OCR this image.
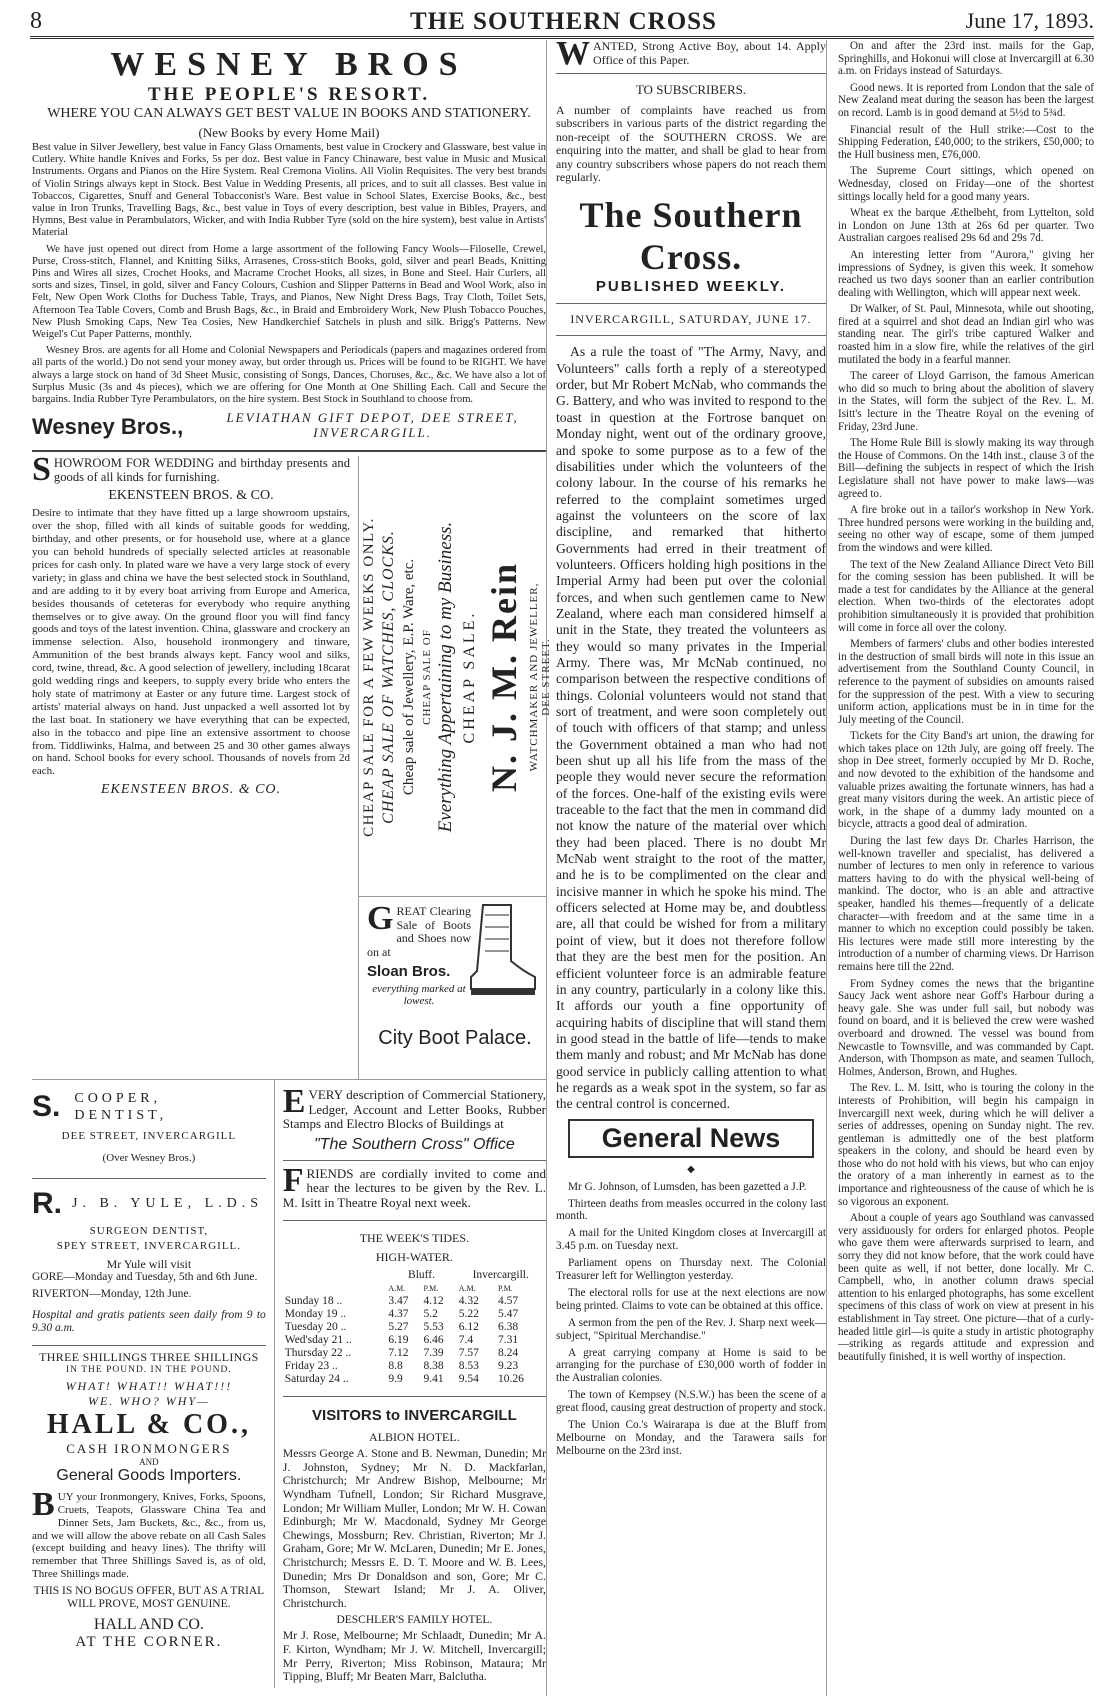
8	THE SOUTHERN CROSS	June 17, 1893.
WESNEY BROS
THE PEOPLE'S RESORT.
WHERE YOU CAN ALWAYS GET BEST VALUE IN BOOKS AND STATIONERY.
(New Books by every Home Mail)

Best value in Silver Jewellery, best value in Fancy Glass Ornaments, best value in Crockery and Glassware, best value in Cutlery. White handle Knives and Forks, 5s per doz. Best value in Fancy Chinaware, best value in Music and Musical Instruments. Organs and Pianos on the Hire System. Real Cremona Violins. All Violin Requisites. The very best brands of Violin Strings always kept in Stock. Best Value in Wedding Presents, all prices, and to suit all classes. Best value in Tobaccos, Cigarettes, Snuff and General Tobacconist's Ware. Best value in School Slates, Exercise Books, &c., best value in Iron Trunks, Travelling Bags, &c., best value in Toys of every description, best value in Bibles, Prayers, and Hymns, Best value in Perambulators, Wicker, and with India Rubber Tyre (sold on the hire system), best value in Artists' Material

We have just opened out direct from Home a large assortment of the following Fancy Wools—Filoselle, Crewel, Purse, Cross-stitch, Flannel, and Knitting Silks, Arrasenes, Cross-stitch Books, gold, silver and pearl Beads, Knitting Pins and Wires all sizes, Crochet Hooks, and Macrame Crochet Hooks, all sizes, in Bone and Steel. Hair Curlers, all sorts and sizes, Tinsel, in gold, silver and Fancy Colours, Cushion and Slipper Patterns in Bead and Wool Work, also in Felt, New Open Work Cloths for Duchess Table, Trays, and Pianos, New Night Dress Bags, Tray Cloth, Toilet Sets, Afternoon Tea Table Covers, Comb and Brush Bags, &c., in Braid and Embroidery Work, New Plush Tobacco Pouches, New Plush Smoking Caps, New Tea Cosies, New Handkerchief Satchels in plush and silk. Brigg's Patterns. New Weigel's Cut Paper Patterns, monthly.

Wesney Bros. are agents for all Home and Colonial Newspapers and Periodicals (papers and magazines ordered from all parts of the world.) Do not send your money away, but order through us. Prices will be found to be RIGHT. We have always a large stock on hand of 3d Sheet Music, consisting of Songs, Dances, Choruses, &c., &c. We have also a lot of Surplus Music (3s and 4s pieces), which we are offering for One Month at One Shilling Each. Call and Secure the bargains. India Rubber Tyre Perambulators, on the hire system. Best Stock in Southland to choose from.

Wesney Bros.,	LEVIATHAN GIFT DEPOT, DEE STREET,
INVERCARGILL.

SHOWROOM FOR WEDDING and birthday presents and goods of all kinds for furnishing.

EKENSTEEN BROS. & CO.

Desire to intimate that they have fitted up a large showroom upstairs, over the shop, filled with all kinds of suitable goods for wedding, birthday, and other presents, or for household use, where at a glance you can behold hundreds of specially selected articles at reasonable prices for cash only. In plated ware we have a very large stock of every variety; in glass and china we have the best selected stock in Southland, and are adding to it by every boat arriving from Europe and America, besides thousands of ceteteras for everybody who require anything themselves or to give away. On the ground floor you will find fancy goods and toys of the latest invention. China, glassware and crockery an immense selection. Also, household ironmongery and tinware, Ammunition of the best brands always kept. Fancy wool and silks, cord, twine, thread, &c. A good selection of jewellery, including 18carat gold wedding rings and keepers, to supply every bride who enters the holy state of matrimony at Easter or any future time. Largest stock of artists' material always on hand. Just unpacked a well assorted lot by the last boat. In stationery we have everything that can be expected, also in the tobacco and pipe line an extensive assortment to choose from. Tiddliwinks, Halma, and between 25 and 30 other games always on hand. School books for every school. Thousands of novels from 2d each.

EKENSTEEN BROS. & CO.	CHEAP SALE FOR A FEW WEEKS ONLY. CHEAP SALE OF WATCHES, CLOCKS. Cheap sale of Jewellery, E.P. Ware, etc. CHEAP SALE OF Everything Appertaining to my Business. CHEAP SALE. N. J. M. Rein WATCHMAKER AND JEWELLER, DEE STREET.

GREAT Clearing Sale of Boots and Shoes now on at

Sloan Bros.
everything marked at lowest.
City Boot Palace.
S. COOPER,
DENTIST,
DEE STREET, INVERCARGILL
(Over Wesney Bros.)
R. J. B. YULE, L.D.S
SURGEON DENTIST,
SPEY STREET, INVERCARGILL.
Mr Yule will visit

GORE—Monday and Tuesday, 5th and 6th June.

RIVERTON—Monday, 12th June.

Hospital and gratis patients seen daily from 9 to 9.30 a.m.

THREE SHILLINGS THREE SHILLINGS
IN THE POUND. IN THE POUND.
WHAT! WHAT!! WHAT!!!
WE. WHO? WHY—
HALL & CO.,
CASH IRONMONGERS
AND
General Goods Importers.

BUY your Ironmongery, Knives, Forks, Spoons, Cruets, Teapots, Glassware China Tea and Dinner Sets, Jam Buckets, &c., &c., from us, and we will allow the above rebate on all Cash Sales (except building and heavy lines). The thrifty will remember that Three Shillings Saved is, as of old, Three Shillings made.

THIS IS NO BOGUS OFFER, BUT AS A TRIAL WILL PROVE, MOST GENUINE.
HALL AND CO.
AT THE CORNER.

EVERY description of Commercial Stationery, Ledger, Account and Letter Books, Rubber Stamps and Electro Blocks of Buildings at

"The Southern Cross" Office

FRIENDS are cordially invited to come and hear the lectures to be given by the Rev. L. M. Isitt in Theatre Royal next week.

THE WEEK'S TIDES.
HIGH-WATER.
	Bluff.		Invercargill.	
	A.M.	P.M.	A.M.	P.M.
Sunday 18 ..	3.47	4.12	4.32	4.57
Monday 19 ..	4.37	5.2	5.22	5.47
Tuesday 20 ..	5.27	5.53	6.12	6.38
Wed'sday 21 ..	6.19	6.46	7.4	7.31
Thursday 22 ..	7.12	7.39	7.57	8.24
Friday 23 ..	8.8	8.38	8.53	9.23
Saturday 24 ..	9.9	9.41	9.54	10.26
VISITORS to INVERCARGILL
ALBION HOTEL.

Messrs George A. Stone and B. Newman, Dunedin; Mr J. Johnston, Sydney; Mr N. D. Mackfarlan, Christchurch; Mr Andrew Bishop, Melbourne; Mr Wyndham Tufnell, London; Sir Richard Musgrave, London; Mr William Muller, London; Mr W. H. Cowan Edinburgh; Mr W. Macdonald, Sydney Mr George Chewings, Mossburn; Rev. Christian, Riverton; Mr J. Graham, Gore; Mr W. McLaren, Dunedin; Mr E. Jones, Christchurch; Messrs E. D. T. Moore and W. B. Lees, Dunedin; Mrs Dr Donaldson and son, Gore; Mr C. Thomson, Stewart Island; Mr J. A. Oliver, Christchurch.

DESCHLER'S FAMILY HOTEL.

Mr J. Rose, Melbourne; Mr Schlaadt, Dunedin; Mr A. F. Kirton, Wyndham; Mr J. W. Mitchell, Invercargill; Mr Perry, Riverton; Miss Robinson, Mataura; Mr Tipping, Bluff; Mr Beaten Marr, Balclutha.

WANTED, Strong Active Boy, about 14. Apply Office of this Paper.

TO SUBSCRIBERS.

A number of complaints have reached us from subscribers in various parts of the district regarding the non-receipt of the SOUTHERN CROSS. We are enquiring into the matter, and shall be glad to hear from any country subscribers whose papers do not reach them regularly.

The Southern Cross.
PUBLISHED WEEKLY.
INVERCARGILL, SATURDAY, JUNE 17.

As a rule the toast of "The Army, Navy, and Volunteers" calls forth a reply of a stereotyped order, but Mr Robert McNab, who commands the G. Battery, and who was invited to respond to the toast in question at the Fortrose banquet on Monday night, went out of the ordinary groove, and spoke to some purpose as to a few of the disabilities under which the volunteers of the colony labour. In the course of his remarks he referred to the complaint sometimes urged against the volunteers on the score of lax discipline, and remarked that hitherto Governments had erred in their treatment of volunteers. Officers holding high positions in the Imperial Army had been put over the colonial forces, and when such gentlemen came to New Zealand, where each man considered himself a unit in the State, they treated the volunteers as they would so many privates in the Imperial Army. There was, Mr McNab continued, no comparison between the respective conditions of things. Colonial volunteers would not stand that sort of treatment, and were soon completely out of touch with officers of that stamp; and unless the Government obtained a man who had not been shut up all his life from the mass of the people they would never secure the reformation of the forces. One-half of the existing evils were traceable to the fact that the men in command did not know the nature of the material over which they had been placed. There is no doubt Mr McNab went straight to the root of the matter, and he is to be complimented on the clear and incisive manner in which he spoke his mind. The officers selected at Home may be, and doubtless are, all that could be wished for from a military point of view, but it does not therefore follow that they are the best men for the position. An efficient volunteer force is an admirable feature in any country, particularly in a colony like this. It affords our youth a fine opportunity of acquiring habits of discipline that will stand them in good stead in the battle of life—tends to make them manly and robust; and Mr McNab has done good service in publicly calling attention to what he regards as a weak spot in the system, so far as the central control is concerned.

General News
◆

Mr G. Johnson, of Lumsden, has been gazetted a J.P.

Thirteen deaths from measles occurred in the colony last month.

A mail for the United Kingdom closes at Invercargill at 3.45 p.m. on Tuesday next.

Parliament opens on Thursday next. The Colonial Treasurer left for Wellington yesterday.

The electoral rolls for use at the next elections are now being printed. Claims to vote can be obtained at this office.

A sermon from the pen of the Rev. J. Sharp next week—subject, "Spiritual Merchandise."

A great carrying company at Home is said to be arranging for the purchase of £30,000 worth of fodder in the Australian colonies.

The town of Kempsey (N.S.W.) has been the scene of a great flood, causing great destruction of property and stock.

The Union Co.'s Wairarapa is due at the Bluff from Melbourne on Monday, and the Tarawera sails for Melbourne on the 23rd inst.

On and after the 23rd inst. mails for the Gap, Springhills, and Hokonui will close at Invercargill at 6.30 a.m. on Fridays instead of Saturdays.

Good news. It is reported from London that the sale of New Zealand meat during the season has been the largest on record. Lamb is in good demand at 5½d to 5¾d.

Financial result of the Hull strike:—Cost to the Shipping Federation, £40,000; to the strikers, £50,000; to the Hull business men, £76,000.

The Supreme Court sittings, which opened on Wednesday, closed on Friday—one of the shortest sittings locally held for a good many years.

Wheat ex the barque Æthelbeht, from Lyttelton, sold in London on June 13th at 26s 6d per quarter. Two Australian cargoes realised 29s 6d and 29s 7d.

An interesting letter from "Aurora," giving her impressions of Sydney, is given this week. It somehow reached us two days sooner than an earlier contribution dealing with Wellington, which will appear next week.

Dr Walker, of St. Paul, Minnesota, while out shooting, fired at a squirrel and shot dead an Indian girl who was standing near. The girl's tribe captured Walker and roasted him in a slow fire, while the relatives of the girl mutilated the body in a fearful manner.

The career of Lloyd Garrison, the famous American who did so much to bring about the abolition of slavery in the States, will form the subject of the Rev. L. M. Isitt's lecture in the Theatre Royal on the evening of Friday, 23rd June.

The Home Rule Bill is slowly making its way through the House of Commons. On the 14th inst., clause 3 of the Bill—defining the subjects in respect of which the Irish Legislature shall not have power to make laws—was agreed to.

A fire broke out in a tailor's workshop in New York. Three hundred persons were working in the building and, seeing no other way of escape, some of them jumped from the windows and were killed.

The text of the New Zealand Alliance Direct Veto Bill for the coming session has been published. It will be made a test for candidates by the Alliance at the general election. When two-thirds of the electorates adopt prohibition simultaneously it is provided that prohibition will come in force all over the colony.

Members of farmers' clubs and other bodies interested in the destruction of small birds will note in this issue an advertisement from the Southland County Council, in reference to the payment of subsidies on amounts raised for the suppression of the pest. With a view to securing uniform action, applications must be in in time for the July meeting of the Council.

Tickets for the City Band's art union, the drawing for which takes place on 12th July, are going off freely. The shop in Dee street, formerly occupied by Mr D. Roche, and now devoted to the exhibition of the handsome and valuable prizes awaiting the fortunate winners, has had a great many visitors during the week. An artistic piece of work, in the shape of a dummy lady mounted on a bicycle, attracts a good deal of admiration.

During the last few days Dr. Charles Harrison, the well-known traveller and specialist, has delivered a number of lectures to men only in reference to various matters having to do with the physical well-being of mankind. The doctor, who is an able and attractive speaker, handled his themes—frequently of a delicate character—with freedom and at the same time in a manner to which no exception could possibly be taken. His lectures were made still more interesting by the introduction of a number of charming views. Dr Harrison remains here till the 22nd.

From Sydney comes the news that the brigantine Saucy Jack went ashore near Goff's Harbour during a heavy gale. She was under full sail, but nobody was found on board, and it is believed the crew were washed overboard and drowned. The vessel was bound from Newcastle to Townsville, and was commanded by Capt. Anderson, with Thompson as mate, and seamen Tulloch, Holmes, Anderson, Brown, and Hughes.

The Rev. L. M. Isitt, who is touring the colony in the interests of Prohibition, will begin his campaign in Invercargill next week, during which he will deliver a series of addresses, opening on Sunday night. The rev. gentleman is admittedly one of the best platform speakers in the colony, and should be heard even by those who do not hold with his views, but who can enjoy the oratory of a man inherently in earnest as to the importance and righteousness of the cause of which he is so vigorous an exponent.

About a couple of years ago Southland was canvassed very assiduously for orders for enlarged photos. People who gave them were afterwards surprised to learn, and sorry they did not know before, that the work could have been quite as well, if not better, done locally. Mr C. Campbell, who, in another column draws special attention to his enlarged photographs, has some excellent specimens of this class of work on view at present in his establishment in Tay street. One picture—that of a curly-headed little girl—is quite a study in artistic photography—striking as regards attitude and expression and beautifully finished, it is well worthy of inspection.
